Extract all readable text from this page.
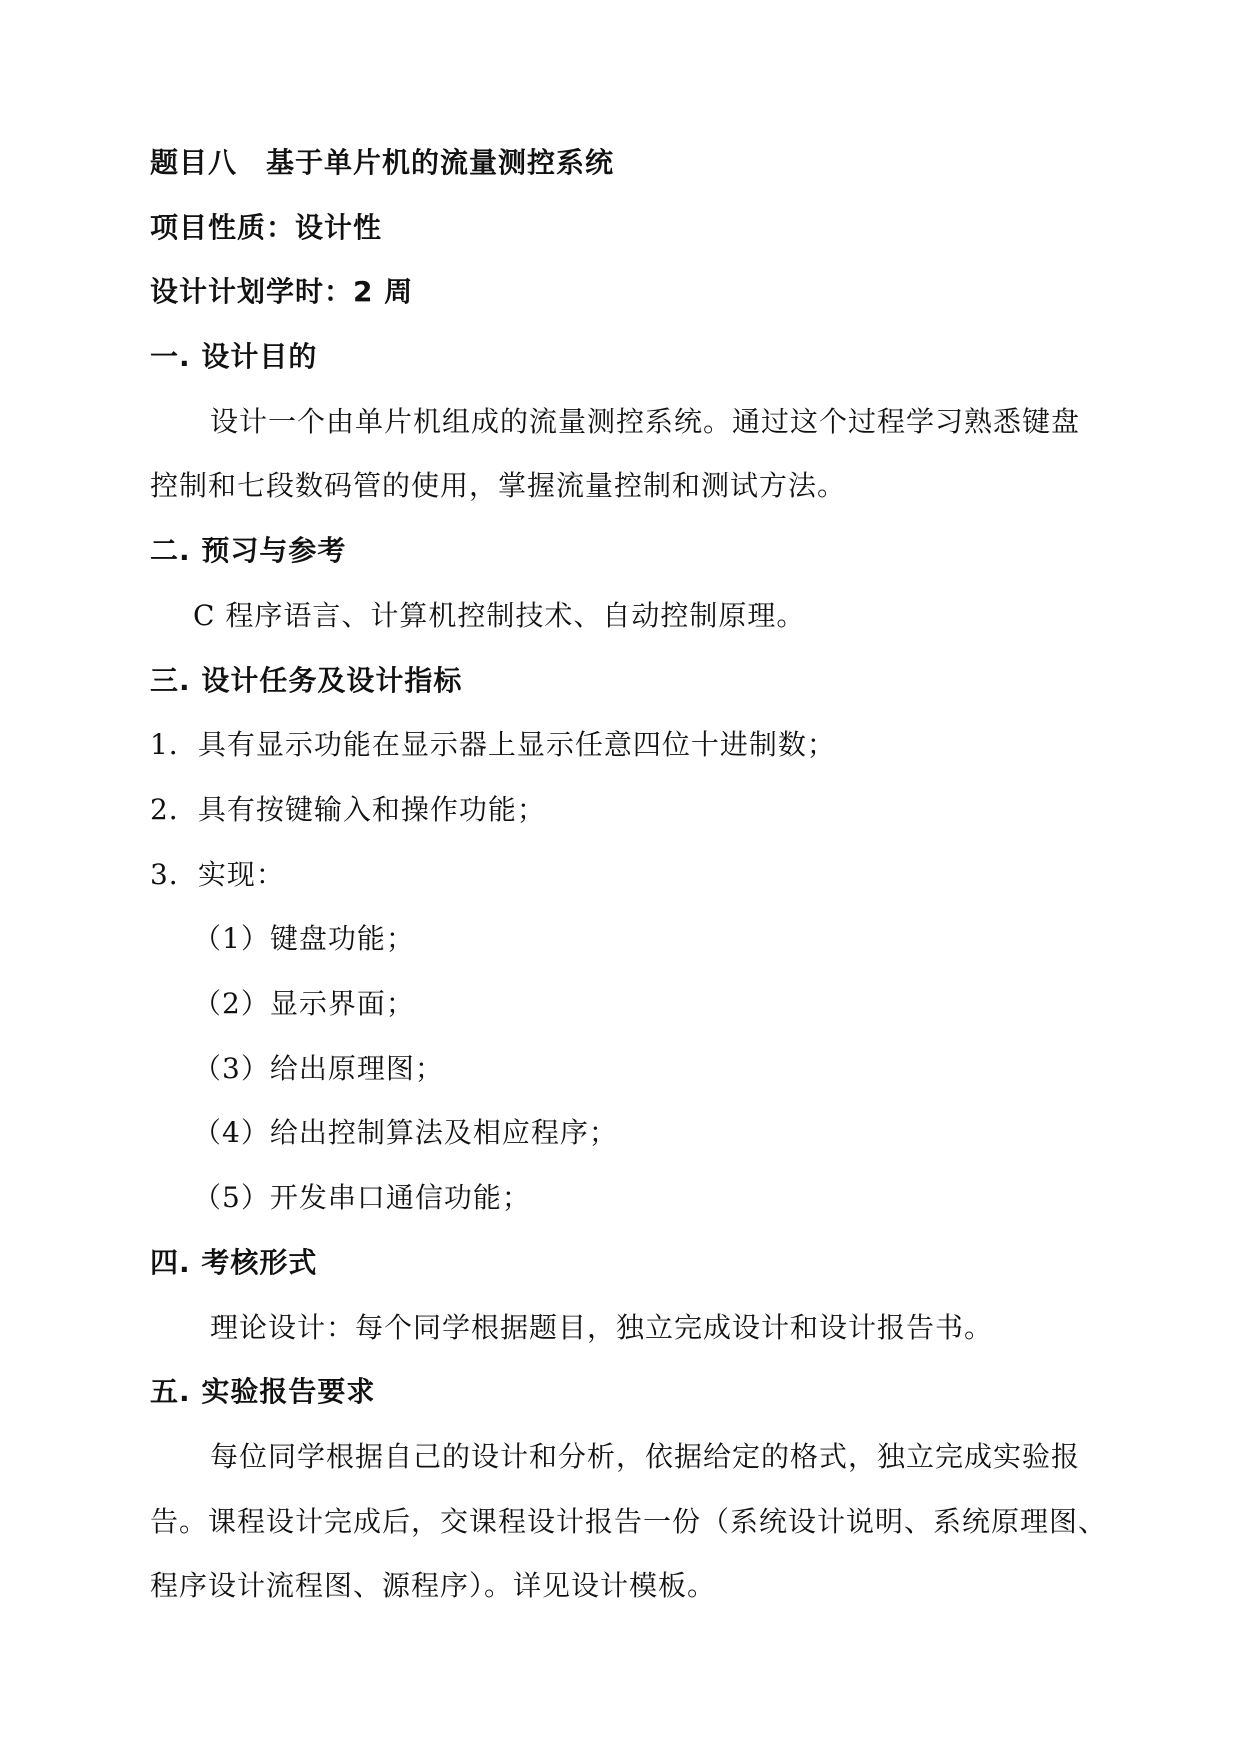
题目八　基于单片机的流量测控系统
项目性质：设计性
设计计划学时：2 周
一. 设计目的
设计一个由单片机组成的流量测控系统。通过这个过程学习熟悉键盘
控制和七段数码管的使用，掌握流量控制和测试方法。
二. 预习与参考
C 程序语言、计算机控制技术、自动控制原理。
三. 设计任务及设计指标
1．具有显示功能在显示器上显示任意四位十进制数；
2．具有按键输入和操作功能；
3．实现：
（1）键盘功能；
（2）显示界面；
（3）给出原理图；
（4）给出控制算法及相应程序；
（5）开发串口通信功能；
四. 考核形式
理论设计：每个同学根据题目，独立完成设计和设计报告书。
五. 实验报告要求
每位同学根据自己的设计和分析，依据给定的格式，独立完成实验报
告。课程设计完成后，交课程设计报告一份（系统设计说明、系统原理图、
程序设计流程图、源程序）。详见设计模板。
